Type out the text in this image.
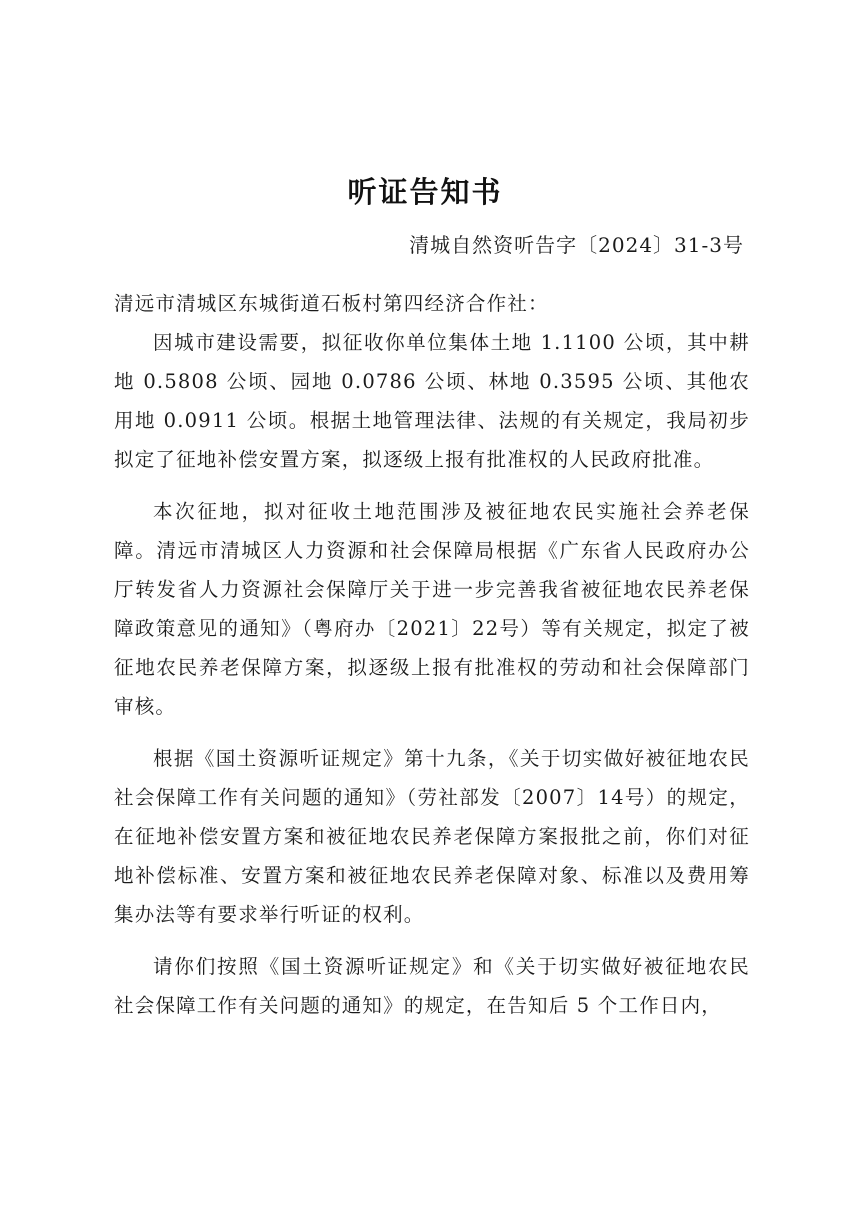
听证告知书
清城自然资听告字〔2024〕31-3号

清远市清城区东城街道石板村第四经济合作社：

因城市建设需要，拟征收你单位集体土地 1.1100 公顷，其中耕地 0.5808 公顷、园地 0.0786 公顷、林地 0.3595 公顷、其他农用地 0.0911 公顷。根据土地管理法律、法规的有关规定，我局初步拟定了征地补偿安置方案，拟逐级上报有批准权的人民政府批准。

本次征地，拟对征收土地范围涉及被征地农民实施社会养老保障。清远市清城区人力资源和社会保障局根据《广东省人民政府办公厅转发省人力资源社会保障厅关于进一步完善我省被征地农民养老保障政策意见的通知》（粤府办〔2021〕22号）等有关规定，拟定了被征地农民养老保障方案，拟逐级上报有批准权的劳动和社会保障部门审核。

根据《国土资源听证规定》第十九条，《关于切实做好被征地农民社会保障工作有关问题的通知》（劳社部发〔2007〕14号）的规定，在征地补偿安置方案和被征地农民养老保障方案报批之前，你们对征地补偿标准、安置方案和被征地农民养老保障对象、标准以及费用筹集办法等有要求举行听证的权利。

请你们按照《国土资源听证规定》和《关于切实做好被征地农民社会保障工作有关问题的通知》的规定，在告知后 5 个工作日内，
